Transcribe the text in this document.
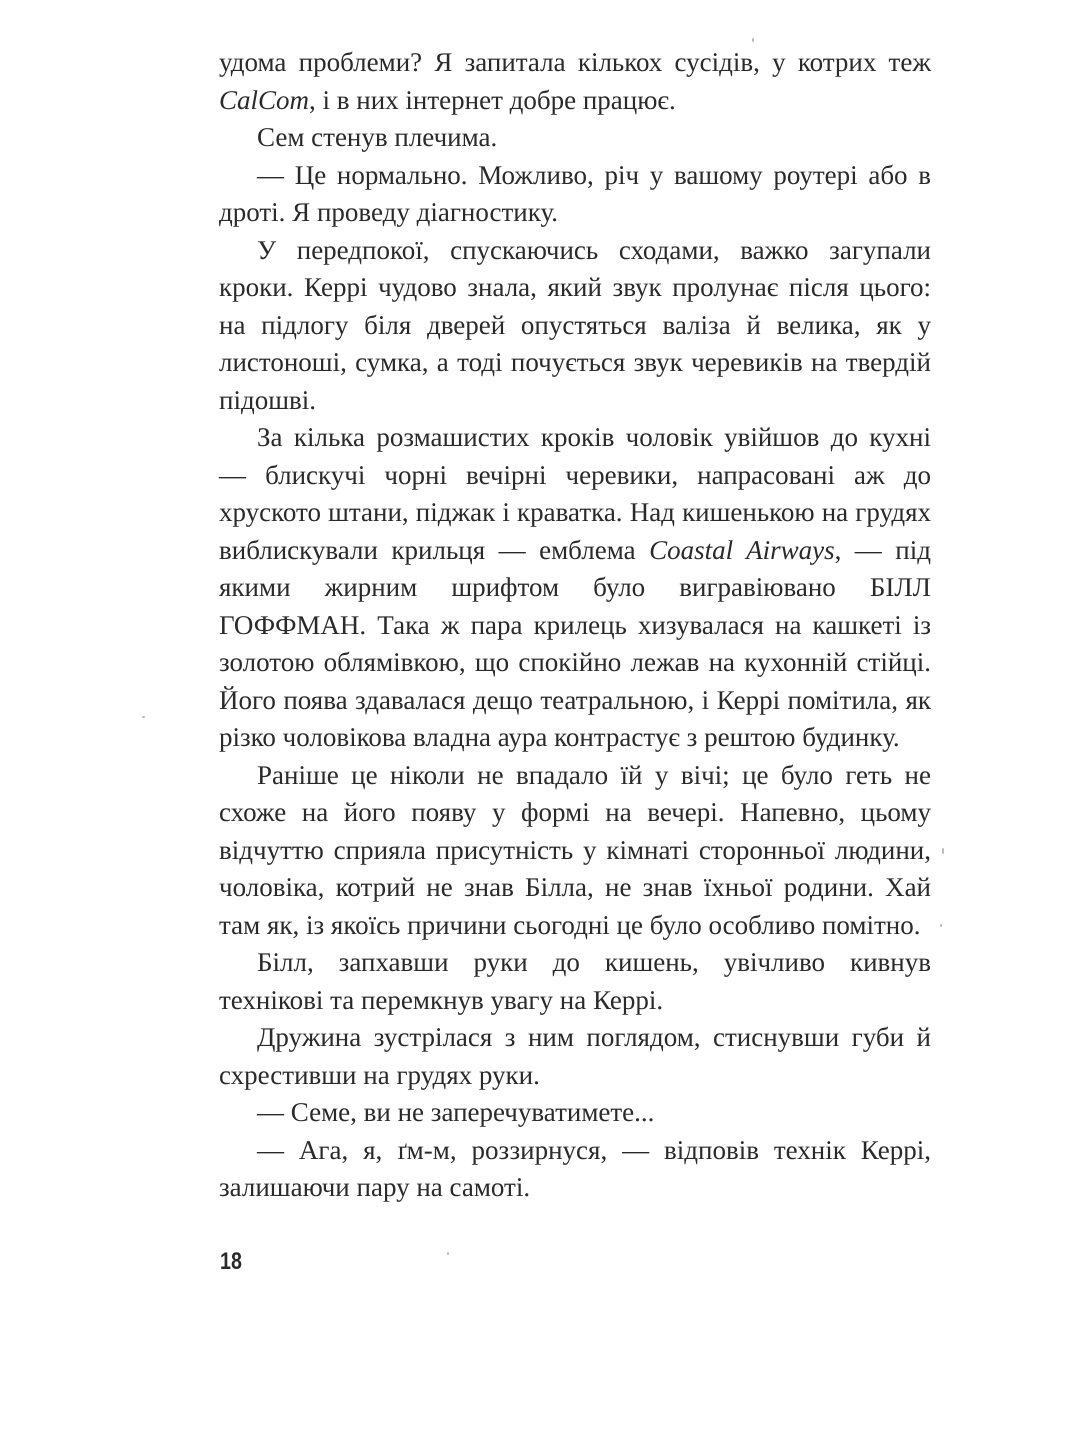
удома проблеми? Я запитала кількох сусідів, у котрих теж CalCom, і в них інтернет добре працює.

Сем стенув плечима.

— Це нормально. Можливо, річ у вашому роутері або в дроті. Я проведу діагностику.

У передпокої, спускаючись сходами, важко загупали кроки. Керрі чудово знала, який звук пролунає після цього: на підлогу біля дверей опустяться валіза й велика, як у листоноші, сумка, а тоді почується звук черевиків на твердій підошві.

За кілька розмашистих кроків чоловік увійшов до кухні — блискучі чорні вечірні черевики, напрасовані аж до хруското штани, піджак і краватка. Над кишенькою на грудях виблискували крильця — емблема Coastal Airways, — під якими жирним шрифтом було вигравіювано БІЛЛ ГОФФМАН. Така ж пара крилець хизувалася на кашкеті із золотою облямівкою, що спокійно лежав на кухонній стійці. Його поява здавалася дещо театральною, і Керрі помітила, як різко чоловікова владна аура контрастує з рештою будинку.

Раніше це ніколи не впадало їй у вічі; це було геть не схоже на його появу у формі на вечері. Напевно, цьому відчуттю сприяла присутність у кімнаті сторонньої людини, чоловіка, котрий не знав Білла, не знав їхньої родини. Хай там як, із якоїсь причини сьогодні це було особливо помітно.

Білл, запхавши руки до кишень, увічливо кивнув технікові та перемкнув увагу на Керрі.

Дружина зустрілася з ним поглядом, стиснувши губи й схрестивши на грудях руки.

— Семе, ви не заперечуватимете...

— Ага, я, ґм-м, роззирнуся, — відповів технік Керрі, залишаючи пару на самоті.

18
